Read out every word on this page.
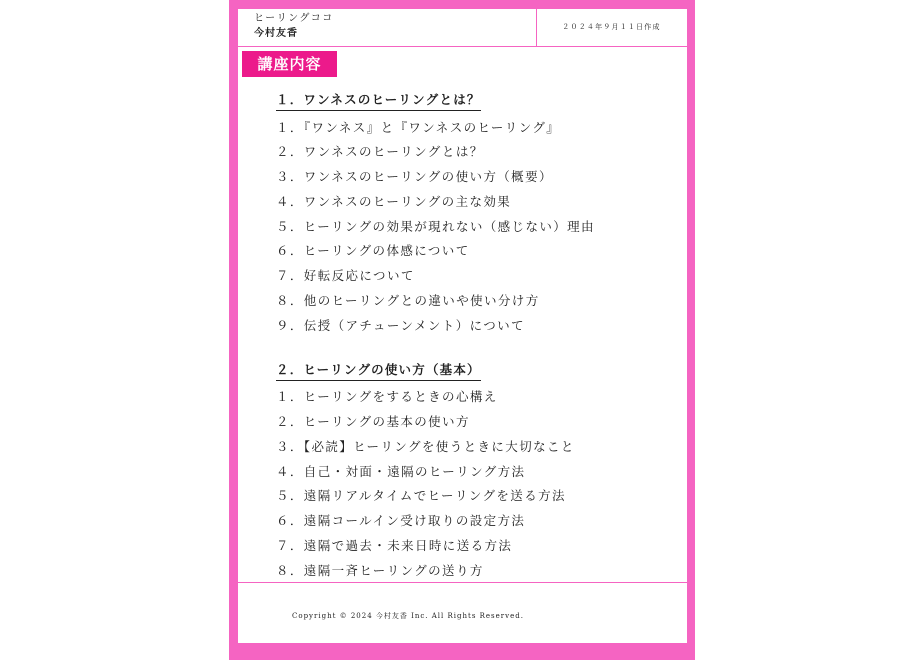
ヒーリングココ
今村友香
２０２４年９月１１日作成
講座内容
１．ワンネスのヒーリングとは？
１．『ワンネス』と『ワンネスのヒーリング』
２．ワンネスのヒーリングとは？
３．ワンネスのヒーリングの使い方（概要）
４．ワンネスのヒーリングの主な効果
５．ヒーリングの効果が現れない（感じない）理由
６．ヒーリングの体感について
７．好転反応について
８．他のヒーリングとの違いや使い分け方
９．伝授（アチューンメント）について
２．ヒーリングの使い方（基本）
１．ヒーリングをするときの心構え
２．ヒーリングの基本の使い方
３．【必読】ヒーリングを使うときに大切なこと
４．自己・対面・遠隔のヒーリング方法
５．遠隔リアルタイムでヒーリングを送る方法
６．遠隔コールイン受け取りの設定方法
７．遠隔で過去・未来日時に送る方法
８．遠隔一斉ヒーリングの送り方
Copyright © 2024 今村友香 Inc. All Rights Reserved.
